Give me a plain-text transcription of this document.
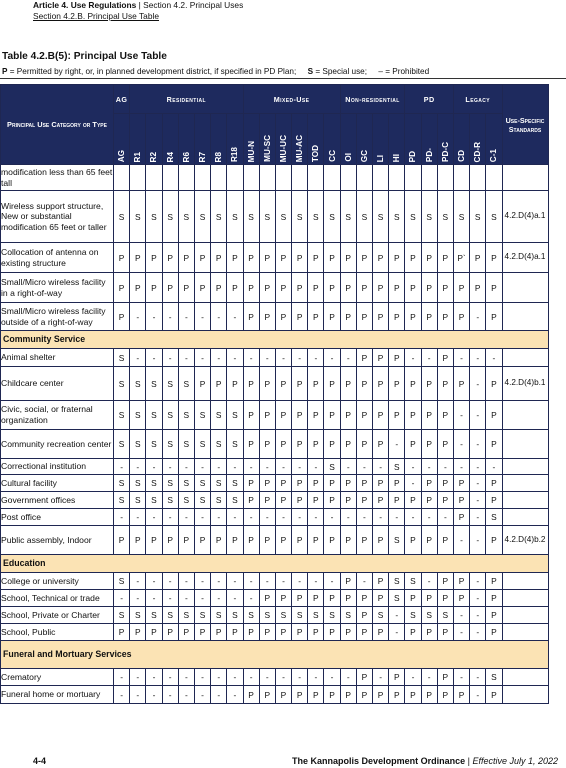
Article 4. Use Regulations | Section 4.2. Principal Uses
Section 4.2.B. Principal Use Table
Table 4.2.B(5): Principal Use Table
P = Permitted by right, or, in planned development district, if specified in PD Plan; S = Special use; – = Prohibited
Principal Use Category or Type	AG	Residential							Mixed-Use						Non-residential				PD			Legacy			Use-Specific Standards
	AG	R1	R2	R4	R6	R7	R8	R18	MU-N	MU-SC	MU-UC	MU-AC	TOD	CC	OI	GC	LI	HI	PD	PD-	PD-C	CD	CD-R	C-1	
modification less than 65 feet tall																									
Wireless support structure, New or substantial modification 65 feet or taller	S	S	S	S	S	S	S	S	S	S	S	S	S	S	S	S	S	S	S	S	S	S	S	S	4.2.D(4)a.1
Collocation of antenna on existing structure	P	P	P	P	P	P	P	P	P	P	P	P	P	P	P	P	P	P	P	P	P	P`	P	P	4.2.D(4)a.1
Small/Micro wireless facility in a right-of-way	P	P	P	P	P	P	P	P	P	P	P	P	P	P	P	P	P	P	P	P	P	P	P	P	
Small/Micro wireless facility outside of a right-of-way	P	-	-	-	-	-	-	-	P	P	P	P	P	P	P	P	P	P	P	P	P	P	-	P	
Community Service																									
Animal shelter	S	-	-	-	-	-	-	-	-	-	-	-	-	-	-	P	P	P	-	-	P	-	-	-	
Childcare center	S	S	S	S	S	P	P	P	P	P	P	P	P	P	P	P	P	P	P	P	P	P	-	P	4.2.D(4)b.1
Civic, social, or fraternal organization	S	S	S	S	S	S	S	S	P	P	P	P	P	P	P	P	P	P	P	P	P	-	-	P	
Community recreation center	S	S	S	S	S	S	S	S	P	P	P	P	P	P	P	P	P	-	P	P	P	-	-	P	
Correctional institution	-	-	-	-	-	-	-	-	-	-	-	-	-	S	-	-	-	S	-	-	-	-	-	-	
Cultural facility	S	S	S	S	S	S	S	S	P	P	P	P	P	P	P	P	P	P	-	P	P	P	-	P	
Government offices	S	S	S	S	S	S	S	S	P	P	P	P	P	P	P	P	P	P	P	P	P	P	-	P	
Post office	-	-	-	-	-	-	-	-	-	-	-	-	-	-	-	-	-	-	-	-	-	P	-	S	
Public assembly, Indoor	P	P	P	P	P	P	P	P	P	P	P	P	P	P	P	P	P	S	P	P	P	-	-	P	4.2.D(4)b.2
Education																									
College or university	S	-	-	-	-	-	-	-	-	-	-	-	-	-	P	-	P	S	S	-	P	P	-	P	
School, Technical or trade	-	-	-	-	-	-	-	-	-	P	P	P	P	P	P	P	P	S	P	P	P	P	-	P	
School, Private or Charter	S	S	S	S	S	S	S	S	S	S	S	S	S	S	S	P	S	-	S	S	S	-	-	P	
School, Public	P	P	P	P	P	P	P	P	P	P	P	P	P	P	P	P	P	-	P	P	P	-	-	P	
Funeral and Mortuary Services																									
Crematory	-	-	-	-	-	-	-	-	-	-	-	-	-	-	-	P	-	P	-	-	P	-	-	S	
Funeral home or mortuary	-	-	-	-	-	-	-	-	P	P	P	P	P	P	P	P	P	P	P	P	P	P	-	P	
4-4	The Kannapolis Development Ordinance | Effective July 1, 2022
